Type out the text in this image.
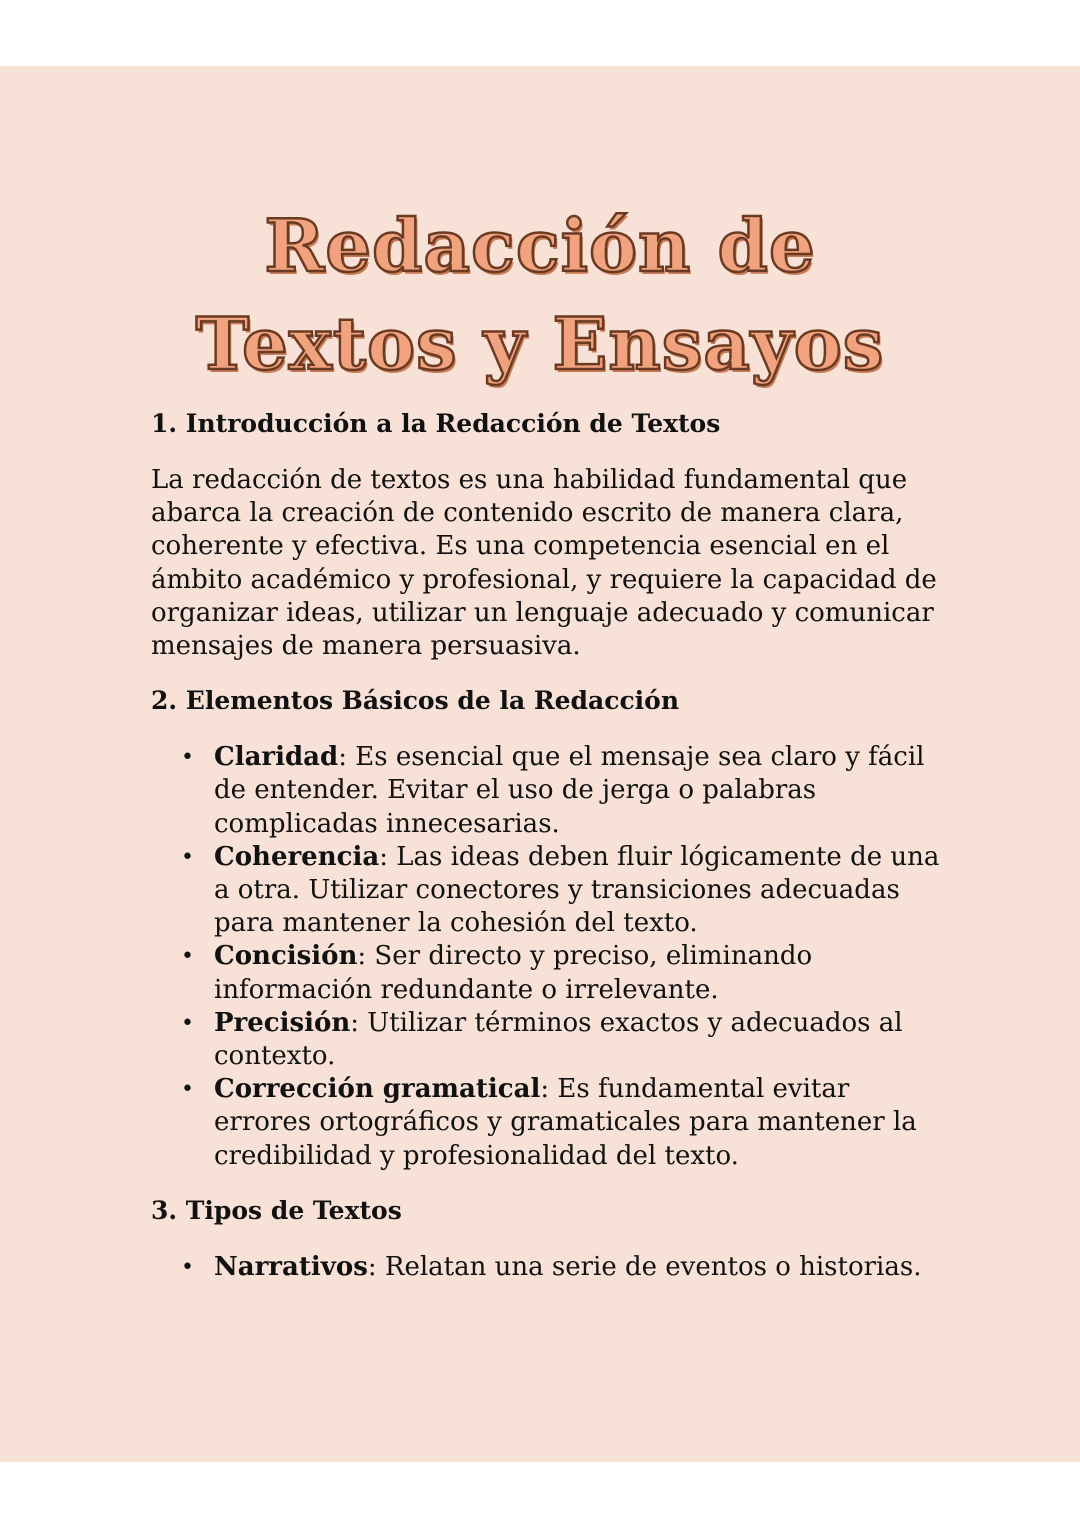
Redacción de
Textos y Ensayos
1. Introducción a la Redacción de Textos

La redacción de textos es una habilidad fundamental que abarca la creación de contenido escrito de manera clara, coherente y efectiva. Es una competencia esencial en el ámbito académico y profesional, y requiere la capacidad de organizar ideas, utilizar un lenguaje adecuado y comunicar mensajes de manera persuasiva.

2. Elementos Básicos de la Redacción
• Claridad: Es esencial que el mensaje sea claro y fácil de entender. Evitar el uso de jerga o palabras complicadas innecesarias.
• Coherencia: Las ideas deben fluir lógicamente de una a otra. Utilizar conectores y transiciones adecuadas para mantener la cohesión del texto.
• Concisión: Ser directo y preciso, eliminando información redundante o irrelevante.
• Precisión: Utilizar términos exactos y adecuados al contexto.
• Corrección gramatical: Es fundamental evitar errores ortográficos y gramaticales para mantener la credibilidad y profesionalidad del texto.
3. Tipos de Textos
• Narrativos: Relatan una serie de eventos o historias.
